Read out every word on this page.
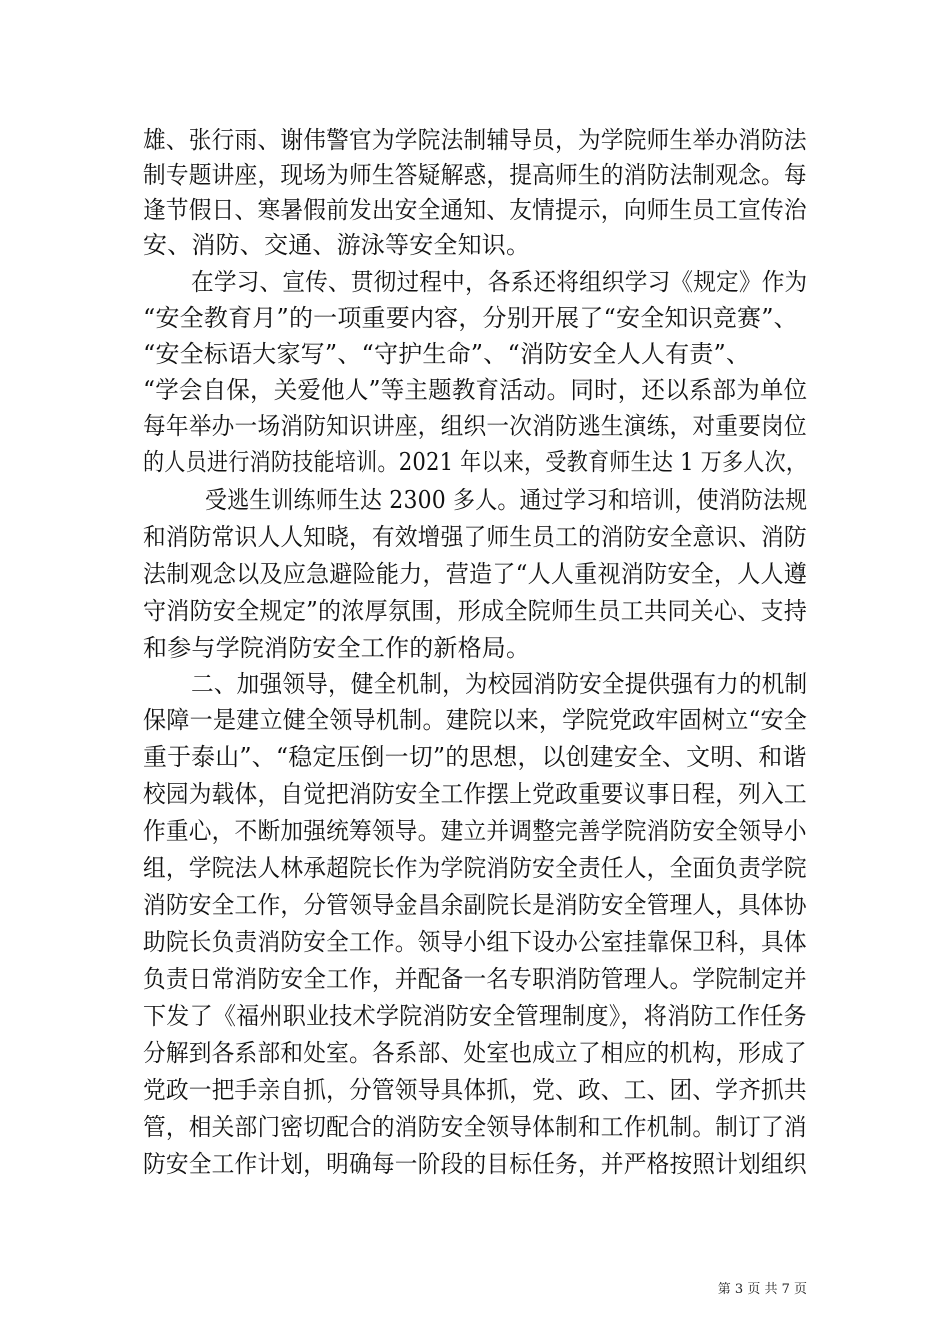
雄、张行雨、谢伟警官为学院法制辅导员，为学院师生举办消防法
制专题讲座，现场为师生答疑解惑，提高师生的消防法制观念。每
逢节假日、寒暑假前发出安全通知、友情提示，向师生员工宣传治
安、消防、交通、游泳等安全知识。
在学习、宣传、贯彻过程中，各系还将组织学习《规定》作为
“安全教育月”的一项重要内容，分别开展了“安全知识竞赛”、
“安全标语大家写”、“守护生命”、“消防安全人人有责”、
“学会自保，关爱他人”等主题教育活动。同时，还以系部为单位
每年举办一场消防知识讲座，组织一次消防逃生演练，对重要岗位
的人员进行消防技能培训。2021 年以来，受教育师生达 1 万多人次，
受逃生训练师生达 2300 多人。通过学习和培训，使消防法规
和消防常识人人知晓，有效增强了师生员工的消防安全意识、消防
法制观念以及应急避险能力，营造了“人人重视消防安全，人人遵
守消防安全规定”的浓厚氛围，形成全院师生员工共同关心、支持
和参与学院消防安全工作的新格局。
二、加强领导，健全机制，为校园消防安全提供强有力的机制
保障一是建立健全领导机制。建院以来，学院党政牢固树立“安全
重于泰山”、“稳定压倒一切”的思想，以创建安全、文明、和谐
校园为载体，自觉把消防安全工作摆上党政重要议事日程，列入工
作重心，不断加强统筹领导。建立并调整完善学院消防安全领导小
组，学院法人林承超院长作为学院消防安全责任人，全面负责学院
消防安全工作，分管领导金昌余副院长是消防安全管理人，具体协
助院长负责消防安全工作。领导小组下设办公室挂靠保卫科，具体
负责日常消防安全工作，并配备一名专职消防管理人。学院制定并
下发了《福州职业技术学院消防安全管理制度》，将消防工作任务
分解到各系部和处室。各系部、处室也成立了相应的机构，形成了
党政一把手亲自抓，分管领导具体抓，党、政、工、团、学齐抓共
管，相关部门密切配合的消防安全领导体制和工作机制。制订了消
防安全工作计划，明确每一阶段的目标任务，并严格按照计划组织
第 3 页 共 7 页
